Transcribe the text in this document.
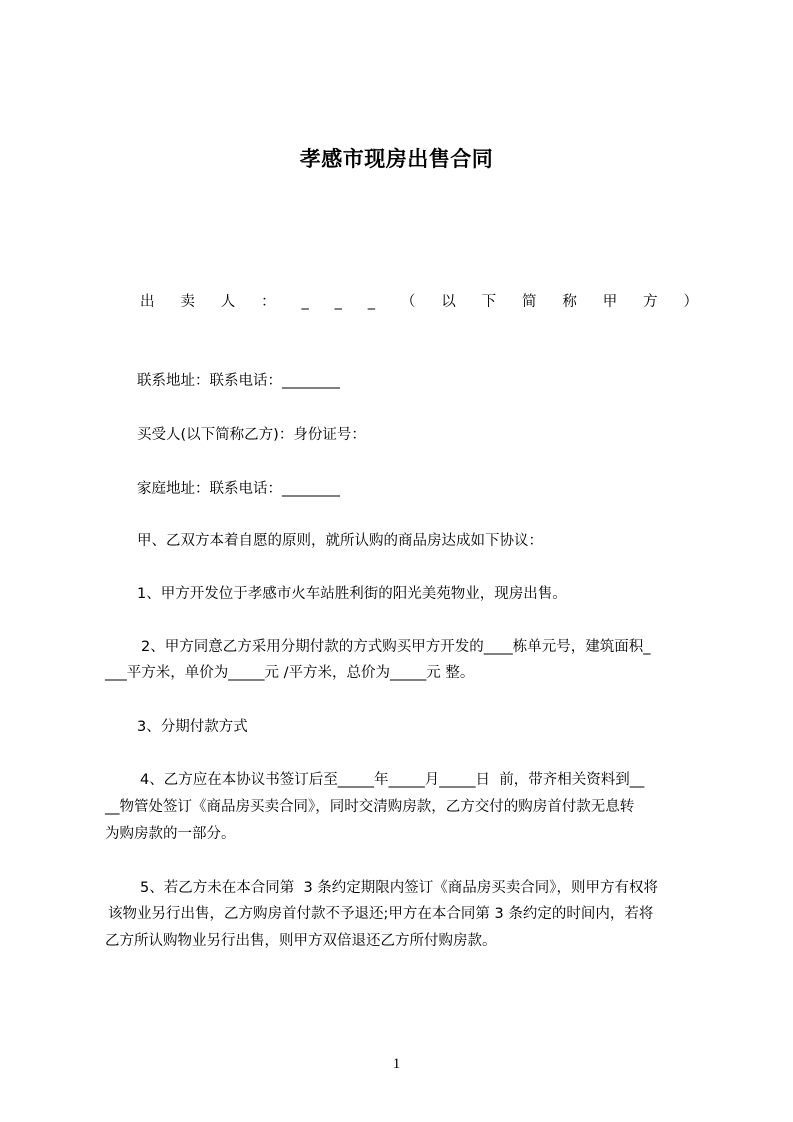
孝感市现房出售合同
出 卖 人 ： _ _ _ （ 以 下 简 称 甲 方 ）
联系地址：联系电话：________
买受人(以下简称乙方)：身份证号：
家庭地址：联系电话：________
甲、乙双方本着自愿的原则，就所认购的商品房达成如下协议：
1、甲方开发位于孝感市火车站胜利街的阳光美苑物业，现房出售。
2、甲方同意乙方采用分期付款的方式购买甲方开发的____栋单元号，建筑面积_
___平方米，单价为_____元 /平方米，总价为_____元 整。
3、分期付款方式
4、乙方应在本协议书签订后至_____年_____月_____日  前，带齐相关资料到__
__物管处签订《商品房买卖合同》，同时交清购房款，乙方交付的购房首付款无息转
为购房款的一部分。
5、若乙方未在本合同第  3 条约定期限内签订《商品房买卖合同》，则甲方有权将
该物业另行出售，乙方购房首付款不予退还;甲方在本合同第 3 条约定的时间内，若将
乙方所认购物业另行出售，则甲方双倍退还乙方所付购房款。
1
